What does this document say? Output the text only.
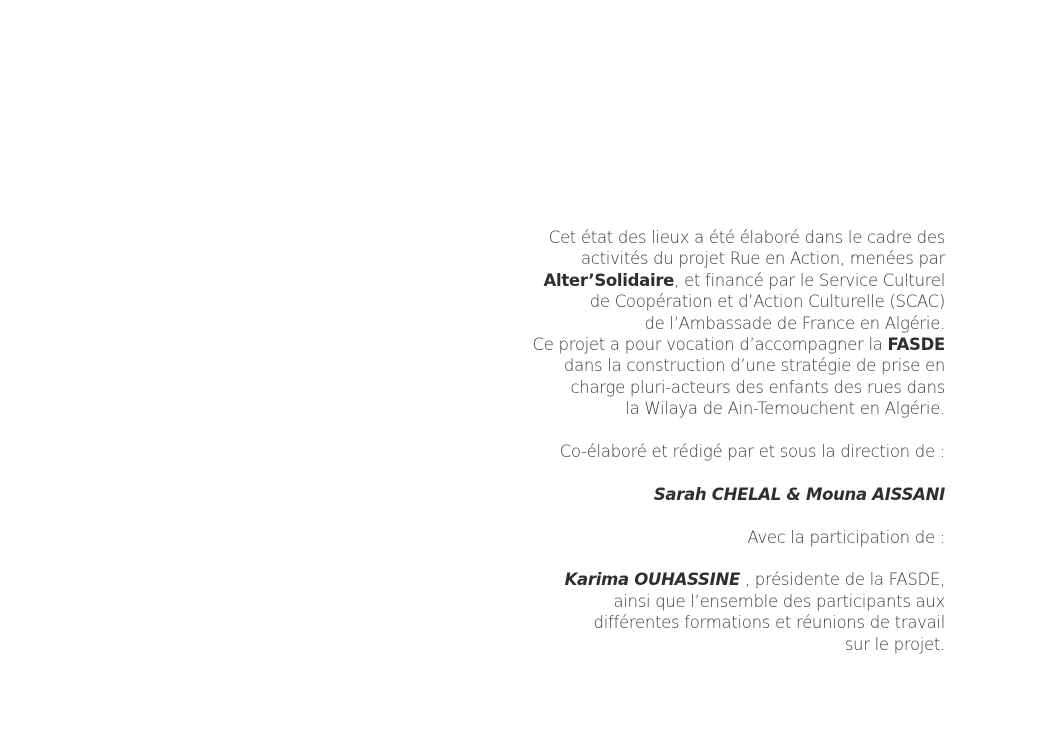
Cet état des lieux a été élaboré dans le cadre des
activités du projet Rue en Action, menées par
Alter’Solidaire, et financé par le Service Culturel
de Coopération et d’Action Culturelle (SCAC)
de l’Ambassade de France en Algérie.
Ce projet a pour vocation d’accompagner la FASDE
dans la construction d’une stratégie de prise en
charge pluri-acteurs des enfants des rues dans
la Wilaya de Ain-Temouchent en Algérie.
Co-élaboré et rédigé par et sous la direction de :
Sarah CHELAL & Mouna AISSANI
Avec la participation de :
Karima OUHASSINE , présidente de la FASDE,
ainsi que l’ensemble des participants aux
différentes formations et réunions de travail
sur le projet.
